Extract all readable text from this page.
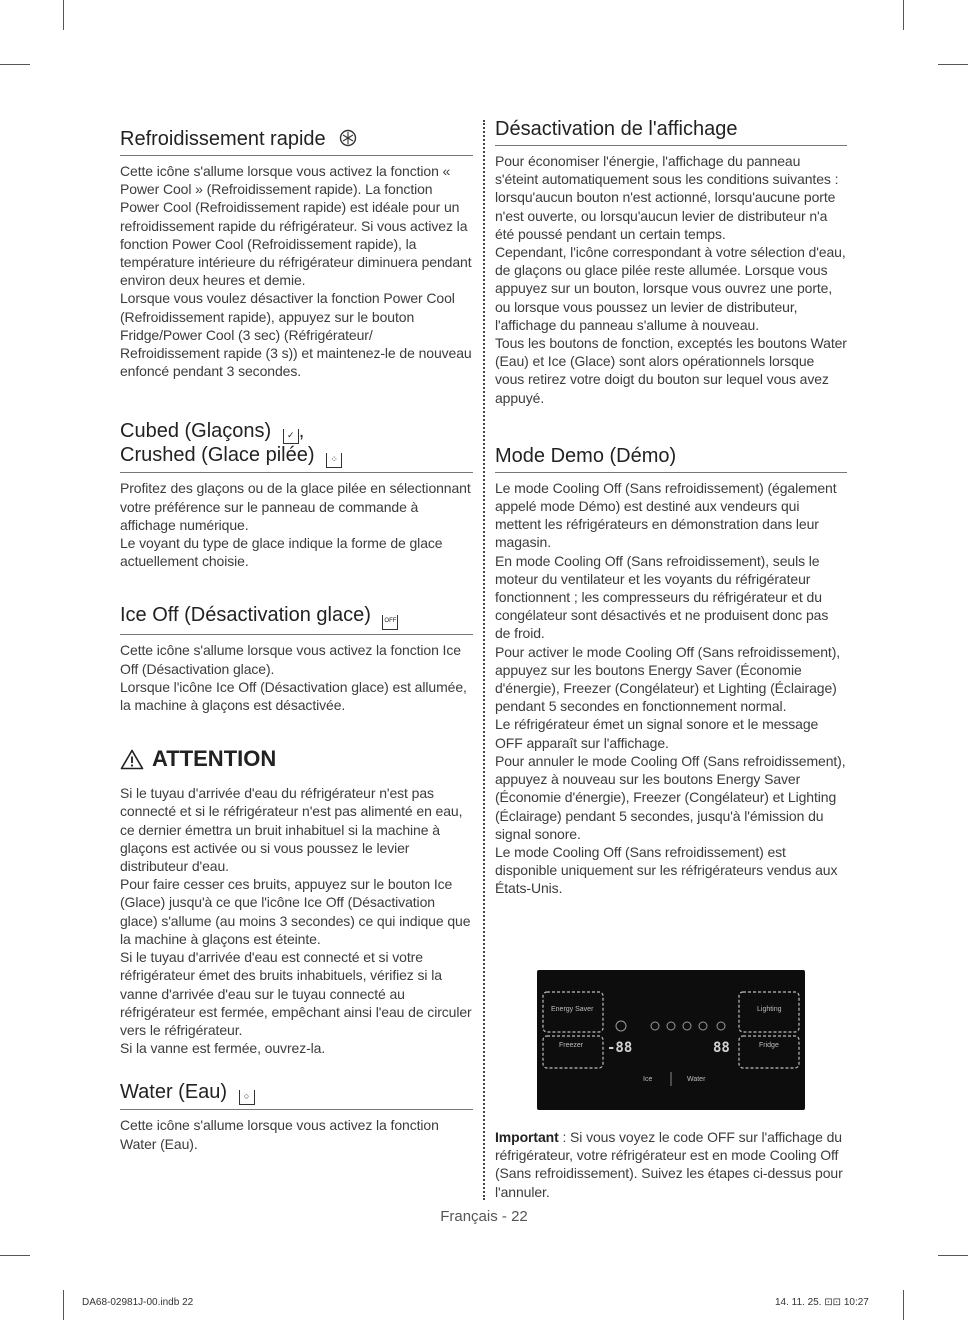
Refroidissement rapide

Cette icône s'allume lorsque vous activez la fonction « Power Cool » (Refroidissement rapide). La fonction Power Cool (Refroidissement rapide) est idéale pour un refroidissement rapide du réfrigérateur. Si vous activez la fonction Power Cool (Refroidissement rapide), la température intérieure du réfrigérateur diminuera pendant environ deux heures et demie.

Lorsque vous voulez désactiver la fonction Power Cool (Refroidissement rapide), appuyez sur le bouton Fridge/Power Cool (3 sec) (Réfrigérateur/ Refroidissement rapide (3 s)) et maintenez-le de nouveau enfoncé pendant 3 secondes.

Cubed (Glaçons) ✓ ,
Crushed (Glace pilée) ⁘

Profitez des glaçons ou de la glace pilée en sélectionnant votre préférence sur le panneau de commande à affichage numérique.

Le voyant du type de glace indique la forme de glace actuellement choisie.

Ice Off (Désactivation glace) OFF

Cette icône s'allume lorsque vous activez la fonction Ice Off (Désactivation glace).

Lorsque l'icône Ice Off (Désactivation glace) est allumée, la machine à glaçons est désactivée.

ATTENTION

Si le tuyau d'arrivée d'eau du réfrigérateur n'est pas connecté et si le réfrigérateur n'est pas alimenté en eau, ce dernier émettra un bruit inhabituel si la machine à glaçons est activée ou si vous poussez le levier distributeur d'eau.

Pour faire cesser ces bruits, appuyez sur le bouton Ice (Glace) jusqu'à ce que l'icône Ice Off (Désactivation glace) s'allume (au moins 3 secondes) ce qui indique que la machine à glaçons est éteinte.

Si le tuyau d'arrivée d'eau est connecté et si votre réfrigérateur émet des bruits inhabituels, vérifiez si la vanne d'arrivée d'eau sur le tuyau connecté au réfrigérateur est fermée, empêchant ainsi l'eau de circuler vers le réfrigérateur.

Si la vanne est fermée, ouvrez-la.

Water (Eau) ○

Cette icône s'allume lorsque vous activez la fonction Water (Eau).

Désactivation de l'affichage

Pour économiser l'énergie, l'affichage du panneau s'éteint automatiquement sous les conditions suivantes : lorsqu'aucun bouton n'est actionné, lorsqu'aucune porte n'est ouverte, ou lorsqu'aucun levier de distributeur n'a été poussé pendant un certain temps.

Cependant, l'icône correspondant à votre sélection d'eau, de glaçons ou glace pilée reste allumée. Lorsque vous appuyez sur un bouton, lorsque vous ouvrez une porte, ou lorsque vous poussez un levier de distributeur, l'affichage du panneau s'allume à nouveau.

Tous les boutons de fonction, exceptés les boutons Water (Eau) et Ice (Glace) sont alors opérationnels lorsque vous retirez votre doigt du bouton sur lequel vous avez appuyé.

Mode Demo (Démo)

Le mode Cooling Off (Sans refroidissement) (également appelé mode Démo) est destiné aux vendeurs qui mettent les réfrigérateurs en démonstration dans leur magasin.

En mode Cooling Off (Sans refroidissement), seuls le moteur du ventilateur et les voyants du réfrigérateur fonctionnent ; les compresseurs du réfrigérateur et du congélateur sont désactivés et ne produisent donc pas de froid.

Pour activer le mode Cooling Off (Sans refroidissement), appuyez sur les boutons Energy Saver (Économie d'énergie), Freezer (Congélateur) et Lighting (Éclairage) pendant 5 secondes en fonctionnement normal.

Le réfrigérateur émet un signal sonore et le message OFF apparaît sur l'affichage.

Pour annuler le mode Cooling Off (Sans refroidissement), appuyez à nouveau sur les boutons Energy Saver (Économie d'énergie), Freezer (Congélateur) et Lighting (Éclairage) pendant 5 secondes, jusqu'à l'émission du signal sonore.

Le mode Cooling Off (Sans refroidissement) est disponible uniquement sur les réfrigérateurs vendus aux États-Unis.

Energy Saver
Freezer -88	88
Lighting
Fridge
Ice	Water

Important : Si vous voyez le code OFF sur l'affichage du réfrigérateur, votre réfrigérateur est en mode Cooling Off (Sans refroidissement). Suivez les étapes ci-dessus pour l'annuler.

Français - 22
DA68-02981J-00.indb 22	14. 11. 25. ⊡⊡ 10:27
